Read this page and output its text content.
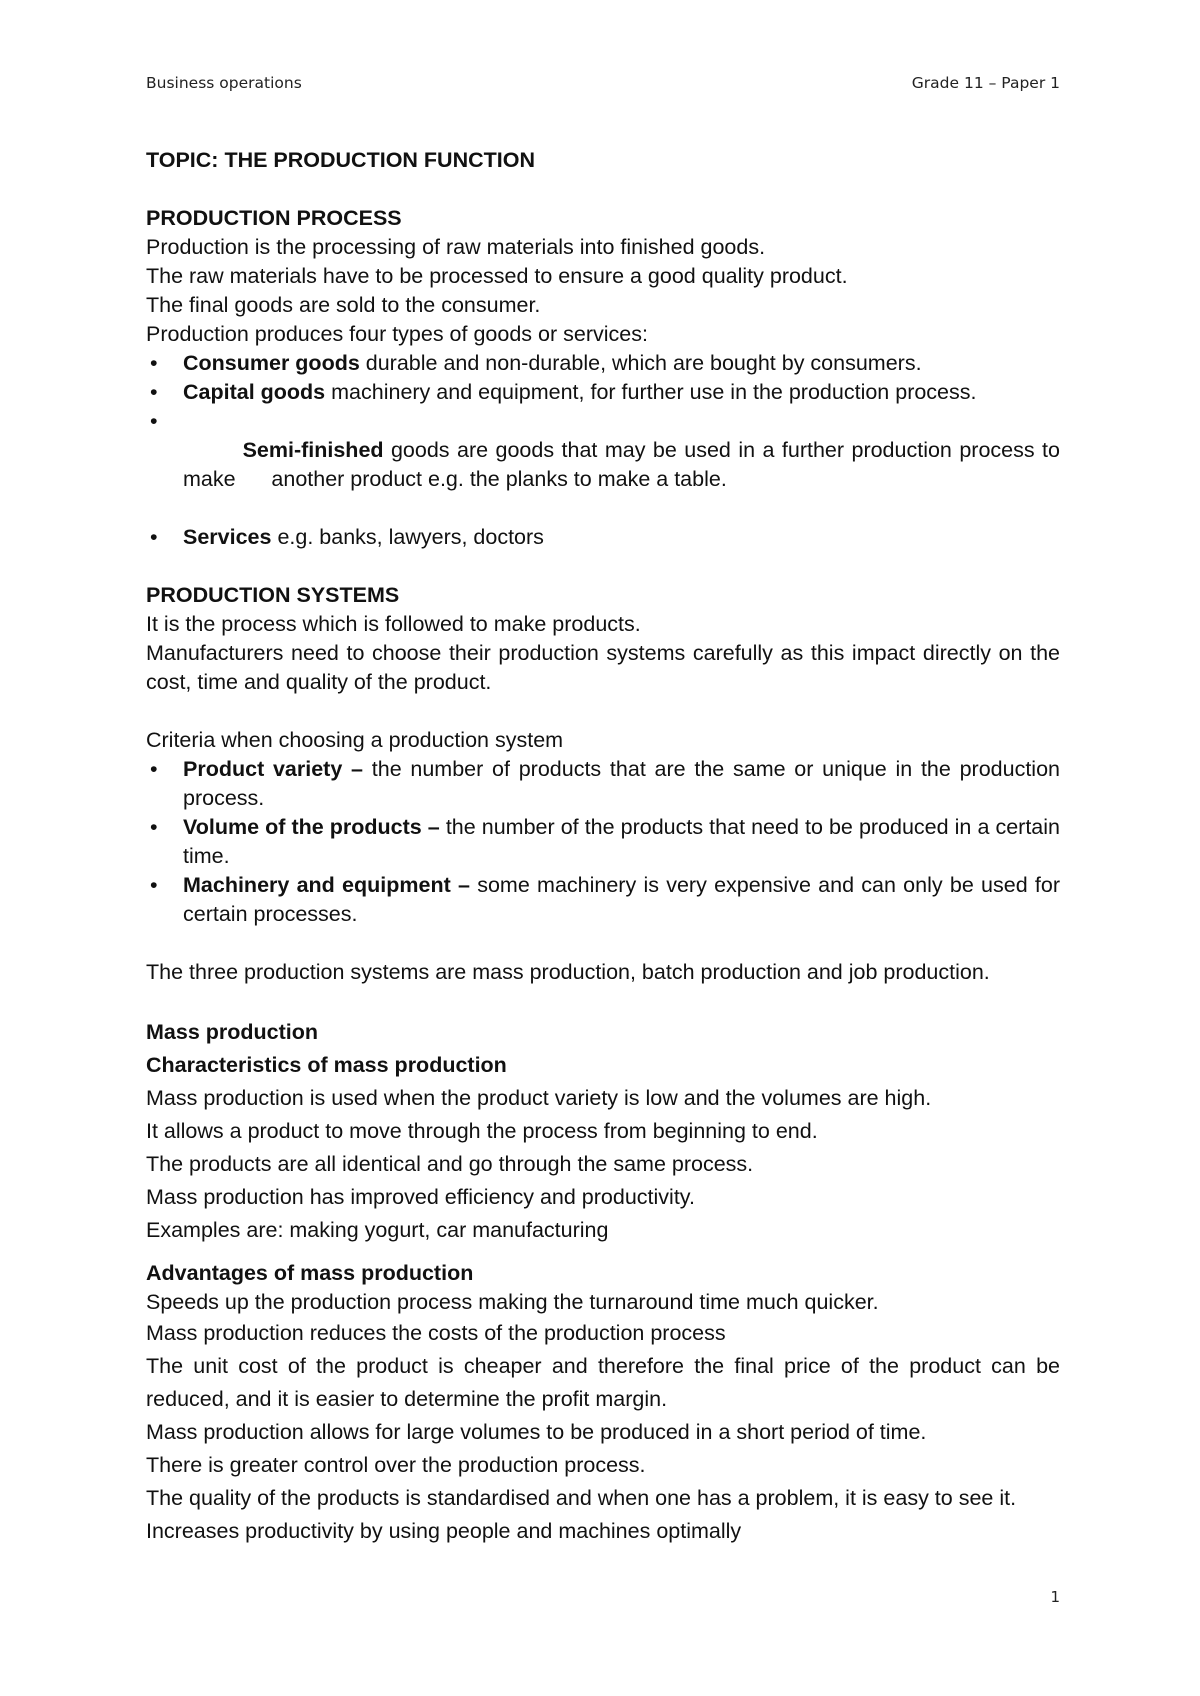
Business operations	Grade 11 – Paper 1

TOPIC: THE PRODUCTION FUNCTION

PRODUCTION PROCESS

Production is the processing of raw materials into finished goods.

The raw materials have to be processed to ensure a good quality product.

The final goods are sold to the consumer.

Production produces four types of goods or services:

• Consumer goods durable and non-durable, which are bought by consumers.
• Capital goods machinery and equipment, for further use in the production process.

•
Semi-finished goods are goods that may be used in a further production process to make      another product e.g. the planks to make a table.

• Services e.g. banks, lawyers, doctors

PRODUCTION SYSTEMS

It is the process which is followed to make products.

Manufacturers need to choose their production systems carefully as this impact directly on the cost, time and quality of the product.

Criteria when choosing a production system

• Product variety – the number of products that are the same or unique in the production process.
• Volume of the products – the number of the products that need to be produced in a certain time.
• Machinery and equipment – some machinery is very expensive and can only be used for certain processes.

The three production systems are mass production, batch production and job production.

Mass production

Characteristics of mass production

Mass production is used when the product variety is low and the volumes are high.

It allows a product to move through the process from beginning to end.

The products are all identical and go through the same process.

Mass production has improved efficiency and productivity.

Examples are: making yogurt, car manufacturing

Advantages of mass production

Speeds up the production process making the turnaround time much quicker.

Mass production reduces the costs of the production process

The unit cost of the product is cheaper and therefore the final price of the product can be reduced, and it is easier to determine the profit margin.

Mass production allows for large volumes to be produced in a short period of time.

There is greater control over the production process.

The quality of the products is standardised and when one has a problem, it is easy to see it.

Increases productivity by using people and machines optimally

1
